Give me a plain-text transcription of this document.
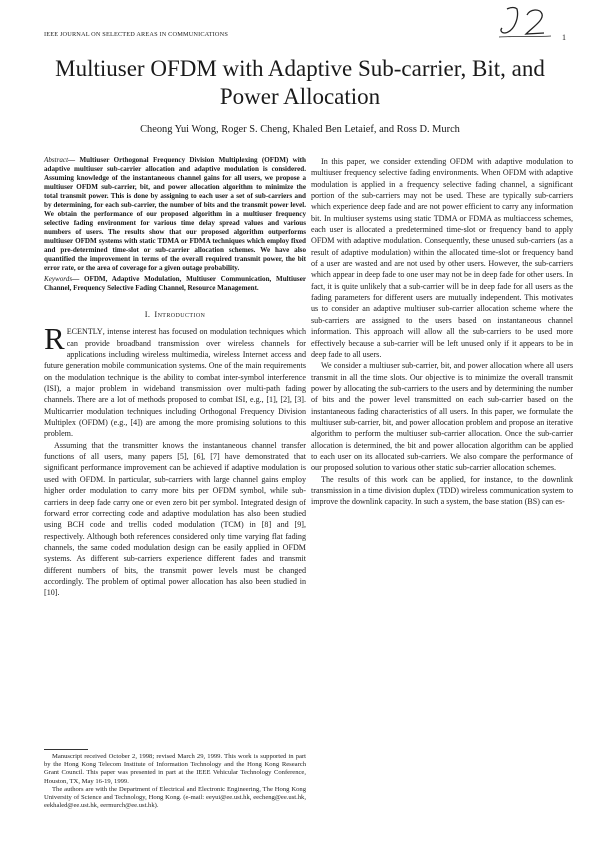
IEEE JOURNAL ON SELECTED AREAS IN COMMUNICATIONS	1
Multiuser OFDM with Adaptive Sub-carrier, Bit, and Power Allocation
Cheong Yui Wong, Roger S. Cheng, Khaled Ben Letaief, and Ross D. Murch
Abstract— Multiuser Orthogonal Frequency Division Multiplexing (OFDM) with adaptive multiuser sub-carrier allocation and adaptive modulation is considered. Assuming knowledge of the instantaneous channel gains for all users, we propose a multiuser OFDM sub-carrier, bit, and power allocation algorithm to minimize the total transmit power. This is done by assigning to each user a set of sub-carriers and by determining, for each sub-carrier, the number of bits and the transmit power level. We obtain the performance of our proposed algorithm in a multiuser frequency selective fading environment for various time delay spread values and various numbers of users. The results show that our proposed algorithm outperforms multiuser OFDM systems with static TDMA or FDMA techniques which employ fixed and pre-determined time-slot or sub-carrier allocation schemes. We have also quantified the improvement in terms of the overall required transmit power, the bit error rate, or the area of coverage for a given outage probability.
Keywords— OFDM, Adaptive Modulation, Multiuser Communication, Multiuser Channel, Frequency Selective Fading Channel, Resource Management.
I. Introduction

RECENTLY, intense interest has focused on modulation techniques which can provide broadband transmission over wireless channels for applications including wireless multimedia, wireless Internet access and future generation mobile communication systems. One of the main requirements on the modulation technique is the ability to combat inter-symbol interference (ISI), a major problem in wideband transmission over multi-path fading channels. There are a lot of methods proposed to combat ISI, e.g., [1], [2], [3]. Multicarrier modulation techniques including Orthogonal Frequency Division Multiplex (OFDM) (e.g., [4]) are among the more promising solutions to this problem.

Assuming that the transmitter knows the instantaneous channel transfer functions of all users, many papers [5], [6], [7] have demonstrated that significant performance improvement can be achieved if adaptive modulation is used with OFDM. In particular, sub-carriers with large channel gains employ higher order modulation to carry more bits per OFDM symbol, while sub-carriers in deep fade carry one or even zero bit per symbol. Integrated design of forward error correcting code and adaptive modulation has also been studied using BCH code and trellis coded modulation (TCM) in [8] and [9], respectively. Although both references considered only time varying flat fading channels, the same coded modulation design can be easily applied in OFDM systems. As different sub-carriers experience different fades and transmit different numbers of bits, the transmit power levels must be changed accordingly. The problem of optimal power allocation has also been studied in [10].

In this paper, we consider extending OFDM with adaptive modulation to multiuser frequency selective fading environments. When OFDM with adaptive modulation is applied in a frequency selective fading channel, a significant portion of the sub-carriers may not be used. These are typically sub-carriers which experience deep fade and are not power efficient to carry any information bit. In multiuser systems using static TDMA or FDMA as multiaccess schemes, each user is allocated a predetermined time-slot or frequency band to apply OFDM with adaptive modulation. Consequently, these unused sub-carriers (as a result of adaptive modulation) within the allocated time-slot or frequency band of a user are wasted and are not used by other users. However, the sub-carriers which appear in deep fade to one user may not be in deep fade for other users. In fact, it is quite unlikely that a sub-carrier will be in deep fade for all users as the fading parameters for different users are mutually independent. This motivates us to consider an adaptive multiuser sub-carrier allocation scheme where the sub-carriers are assigned to the users based on instantaneous channel information. This approach will allow all the sub-carriers to be used more effectively because a sub-carrier will be left unused only if it appears to be in deep fade to all users.

We consider a multiuser sub-carrier, bit, and power allocation where all users transmit in all the time slots. Our objective is to minimize the overall transmit power by allocating the sub-carriers to the users and by determining the number of bits and the power level transmitted on each sub-carrier based on the instantaneous fading characteristics of all users. In this paper, we formulate the multiuser sub-carrier, bit, and power allocation problem and propose an iterative algorithm to perform the multiuser sub-carrier allocation. Once the sub-carrier allocation is determined, the bit and power allocation algorithm can be applied to each user on its allocated sub-carriers. We also compare the performance of our proposed solution to various other static sub-carrier allocation schemes.

The results of this work can be applied, for instance, to the downlink transmission in a time division duplex (TDD) wireless communication system to improve the downlink capacity. In such a system, the base station (BS) can es-

Manuscript received October 2, 1998; revised March 29, 1999. This work is supported in part by the Hong Kong Telecom Institute of Information Technology and the Hong Kong Research Grant Council. This paper was presented in part at the IEEE Vehicular Technology Conference, Houston, TX, May 16-19, 1999.

The authors are with the Department of Electrical and Electronic Engineering, The Hong Kong University of Science and Technology, Hong Kong. (e-mail: eeyui@ee.ust.hk, eecheng@ee.ust.hk, eekhaled@ee.ust.hk, eermurch@ee.ust.hk).
